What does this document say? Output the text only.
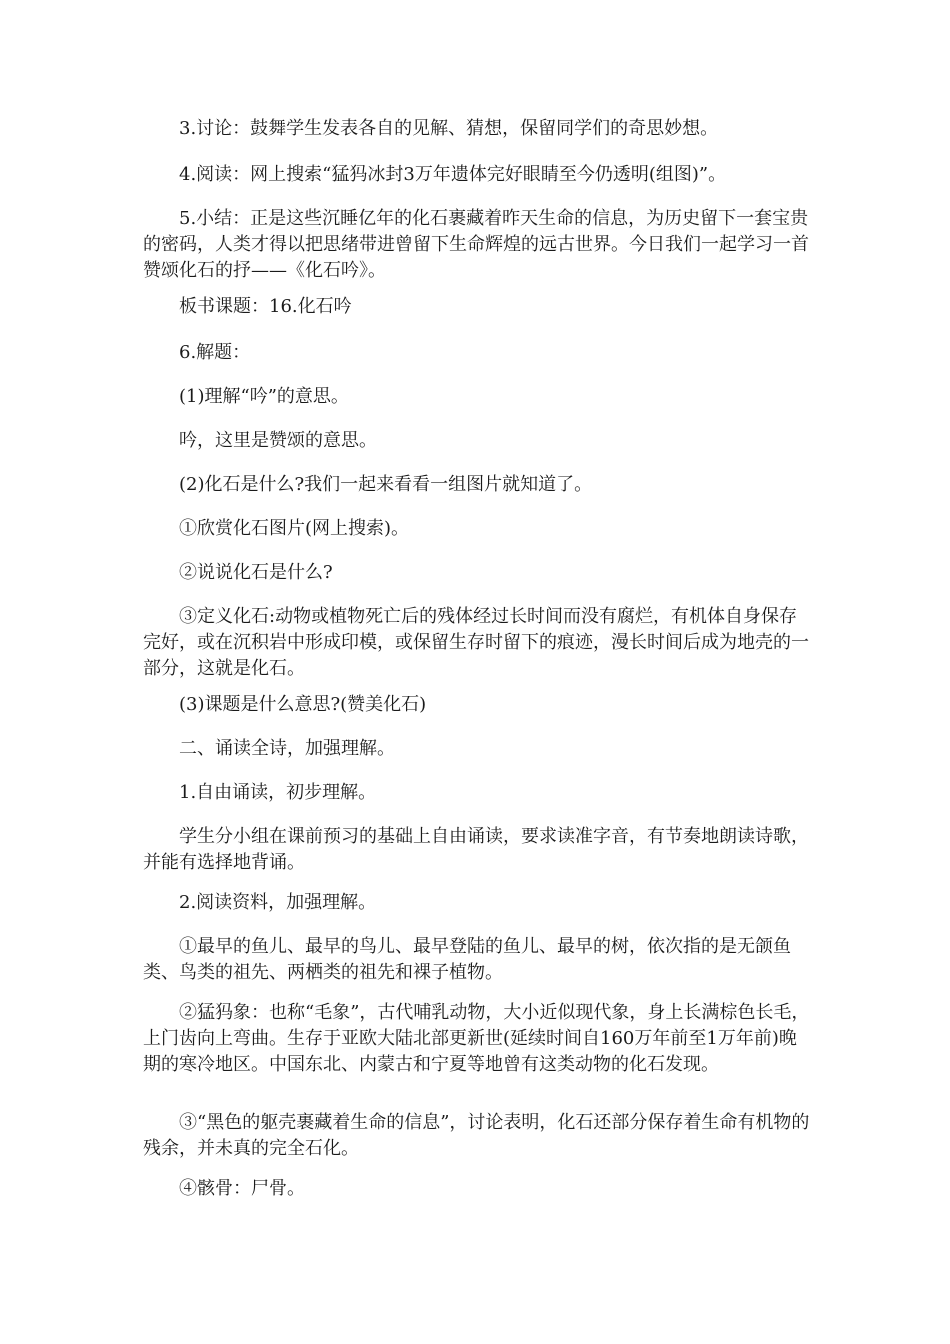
3.讨论：鼓舞学生发表各自的见解、猜想，保留同学们的奇思妙想。

4.阅读：网上搜索“猛犸冰封3万年遗体完好眼睛至今仍透明(组图)”。

5.小结：正是这些沉睡亿年的化石裹藏着昨天生命的信息，为历史留下一套宝贵的密码，人类才得以把思绪带进曾留下生命辉煌的远古世界。今日我们一起学习一首赞颂化石的抒——《化石吟》。

板书课题：16.化石吟

6.解题：

(1)理解“吟”的意思。

吟，这里是赞颂的意思。

(2)化石是什么?我们一起来看看一组图片就知道了。

①欣赏化石图片(网上搜索)。

②说说化石是什么?

③定义化石:动物或植物死亡后的残体经过长时间而没有腐烂，有机体自身保存完好，或在沉积岩中形成印模，或保留生存时留下的痕迹，漫长时间后成为地壳的一部分，这就是化石。

(3)课题是什么意思?(赞美化石)

二、诵读全诗，加强理解。

1.自由诵读，初步理解。

学生分小组在课前预习的基础上自由诵读，要求读准字音，有节奏地朗读诗歌，并能有选择地背诵。

2.阅读资料，加强理解。

①最早的鱼儿、最早的鸟儿、最早登陆的鱼儿、最早的树，依次指的是无颌鱼类、鸟类的祖先、两栖类的祖先和裸子植物。

②猛犸象：也称“毛象”，古代哺乳动物，大小近似现代象，身上长满棕色长毛，上门齿向上弯曲。生存于亚欧大陆北部更新世(延续时间自160万年前至1万年前)晚期的寒冷地区。中国东北、内蒙古和宁夏等地曾有这类动物的化石发现。

③“黑色的躯壳裹藏着生命的信息”，讨论表明，化石还部分保存着生命有机物的残余，并未真的完全石化。

④骸骨：尸骨。
